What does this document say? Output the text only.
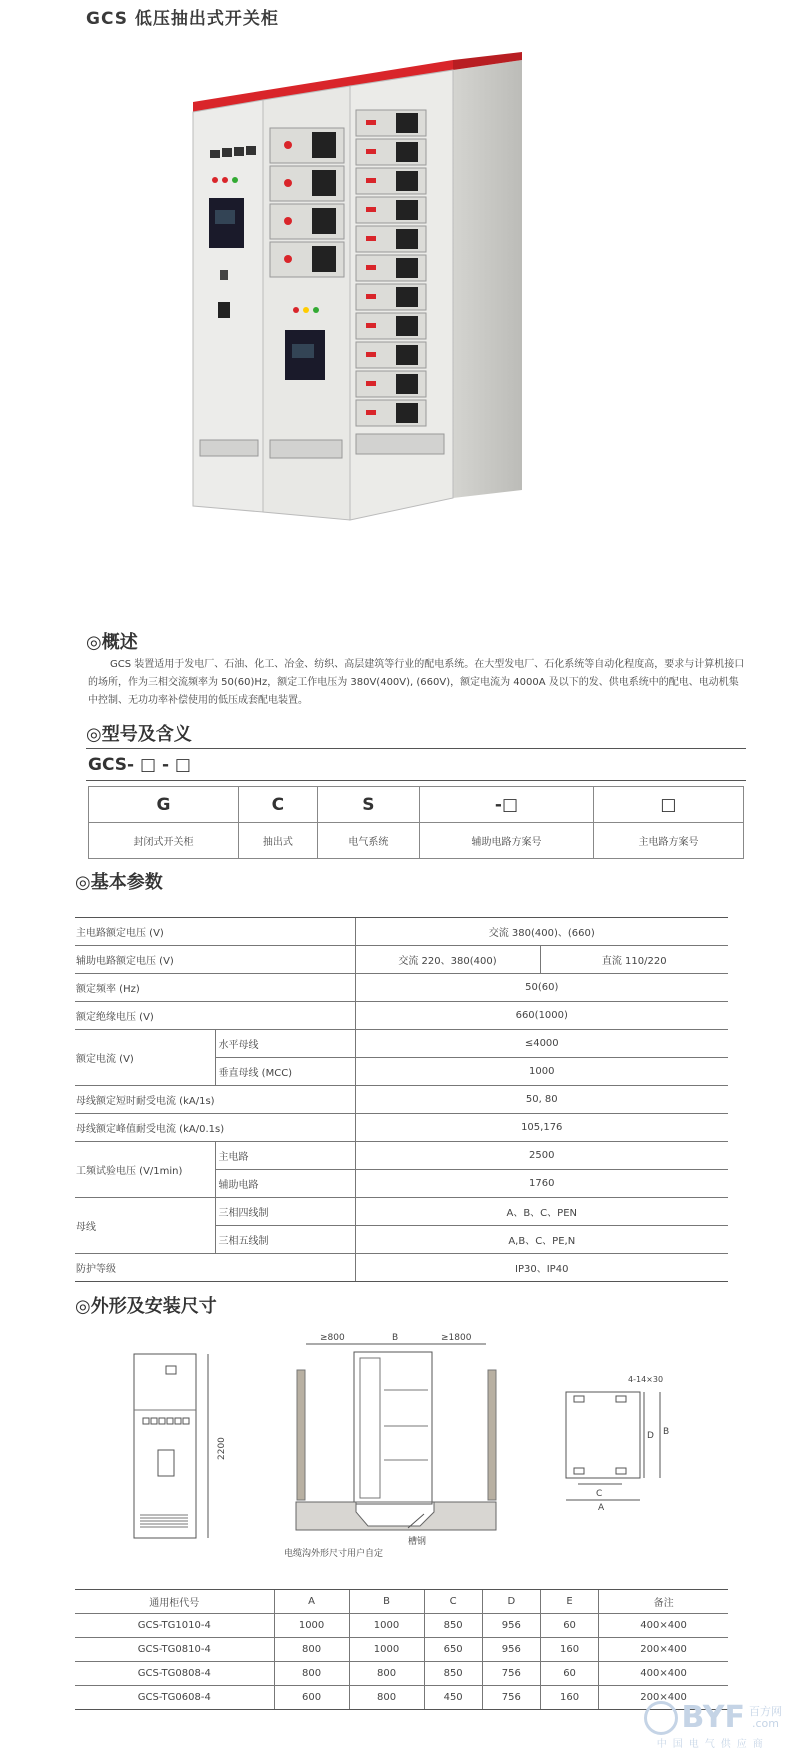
GCS 低压抽出式开关柜
◎概述
GCS 装置适用于发电厂、石油、化工、冶金、纺织、高层建筑等行业的配电系统。在大型发电厂、石化系统等自动化程度高，要求与计算机接口的场所，作为三相交流频率为 50(60)Hz，额定工作电压为 380V(400V), (660V)，额定电流为 4000A 及以下的发、供电系统中的配电、电动机集中控制、无功功率补偿使用的低压成套配电装置。
◎型号及含义
GCS- □ - □
G	C	S	-□	□
封闭式开关柜	抽出式	电气系统	辅助电路方案号	主电路方案号
◎基本参数
主电路额定电压 (V)		交流 380(400)、(660)	
辅助电路额定电压 (V)		交流 220、380(400)	直流 110/220
额定频率 (Hz)		50(60)	
额定绝缘电压 (V)		660(1000)	
额定电流 (V)	水平母线	≤4000	
	垂直母线 (MCC)	1000	
母线额定短时耐受电流 (kA/1s)		50, 80	
母线额定峰值耐受电流 (kA/0.1s)		105,176	
工频试验电压 (V/1min)	主电路	2500	
	辅助电路	1760	
母线	三相四线制	A、B、C、PEN	
	三相五线制	A,B、C、PE,N	
防护等级		IP30、IP40	
◎外形及安装尺寸
2200
≥800	B	≥1800
槽钢
电缆沟外形尺寸用户自定
4-14×30
D B
C
A
通用柜代号	A	B	C	D	E	备注
GCS-TG1010-4	1000	1000	850	956	60	400×400
GCS-TG0810-4	800	1000	650	956	160	200×400
GCS-TG0808-4	800	800	850	756	60	400×400
GCS-TG0608-4	600	800	450	756	160	200×400
BYF 百方网
.com
中国电气供应商
